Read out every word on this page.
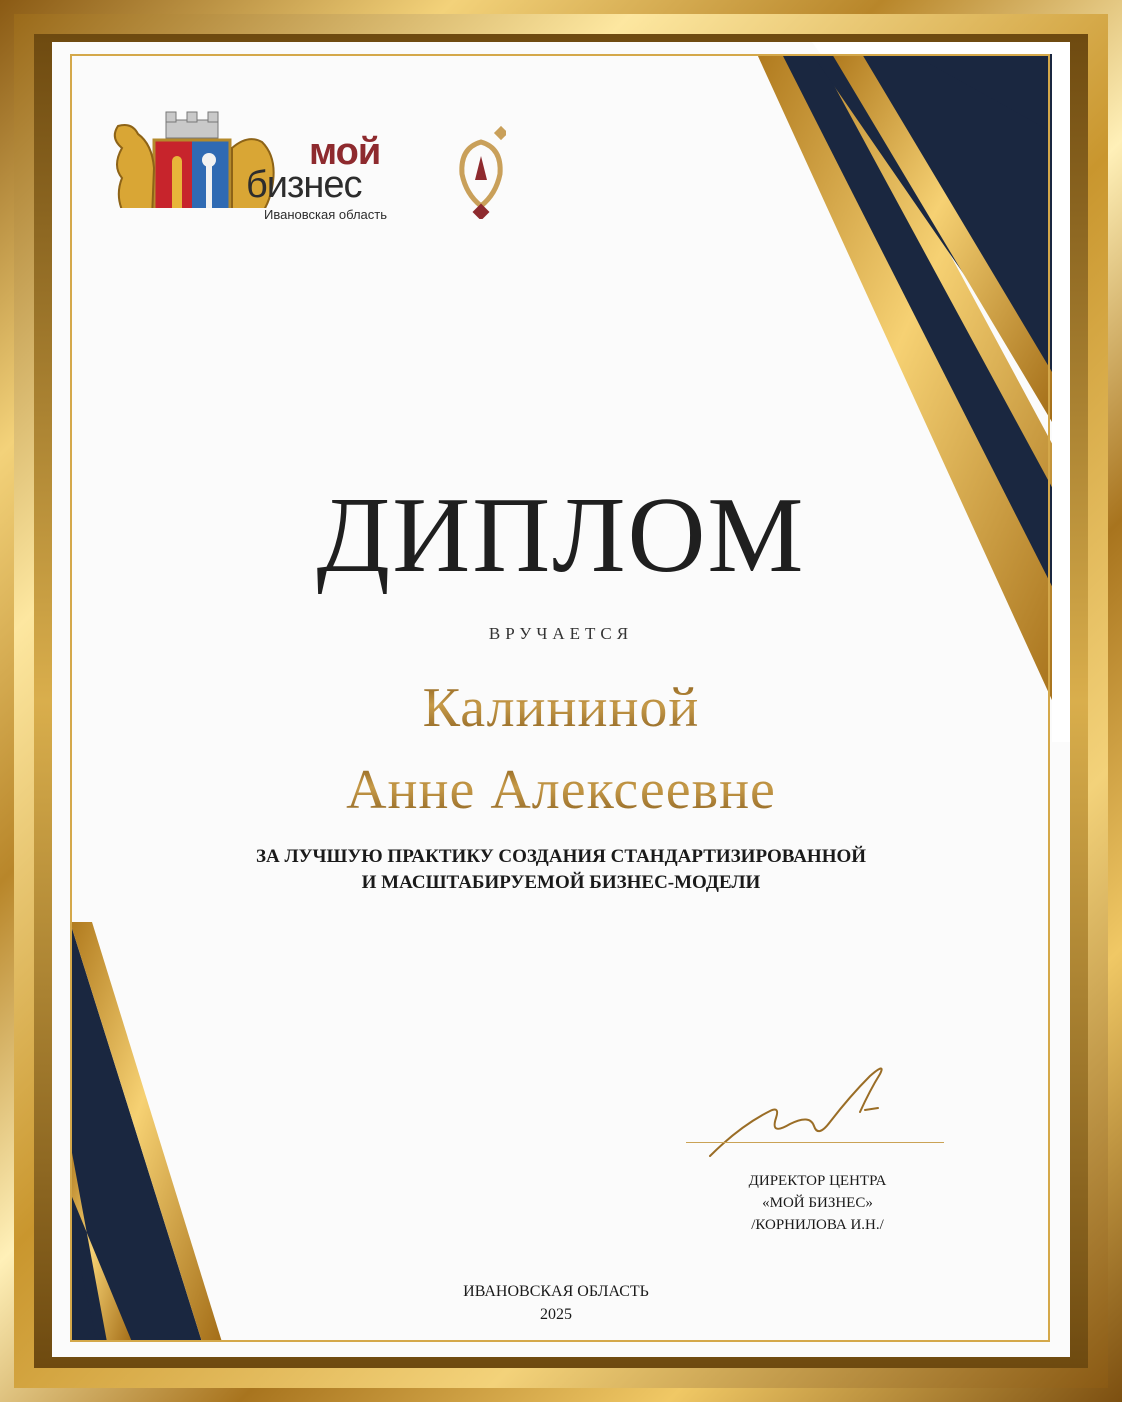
мой
бизнес
Ивановская область
ДИПЛОМ
ВРУЧАЕТСЯ
Калининой
Анне Алексеевне
ЗА ЛУЧШУЮ ПРАКТИКУ СОЗДАНИЯ СТАНДАРТИЗИРОВАННОЙ
И МАСШТАБИРУЕМОЙ БИЗНЕС-МОДЕЛИ
ДИРЕКТОР ЦЕНТРА
«МОЙ БИЗНЕС»
/КОРНИЛОВА И.Н./
ИВАНОВСКАЯ ОБЛАСТЬ
2025
